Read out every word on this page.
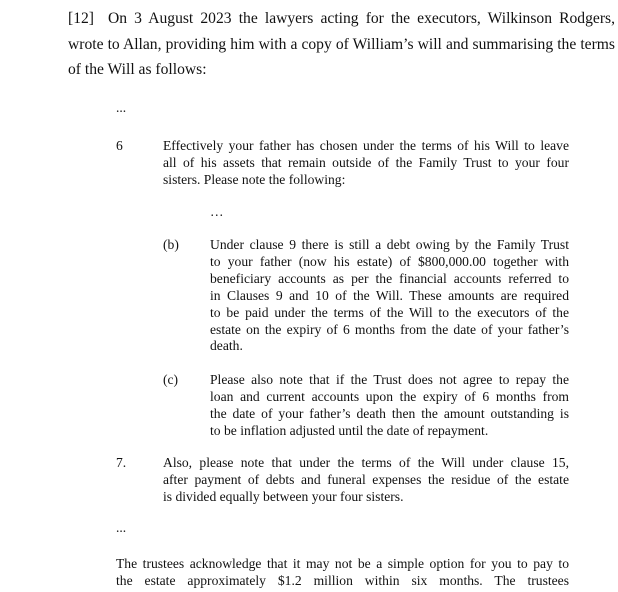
[12] On 3 August 2023 the lawyers acting for the executors, Wilkinson Rodgers,
wrote to Allan, providing him with a copy of William’s will and summarising the terms
of the Will as follows:
...
6	Effectively your father has chosen under the terms of his Will to leave
all of his assets that remain outside of the Family Trust to your four
sisters. Please note the following:
…
(b) Under clause 9 there is still a debt owing by the Family Trust
to your father (now his estate) of $800,000.00 together with
beneficiary accounts as per the financial accounts referred to
in Clauses 9 and 10 of the Will. These amounts are required
to be paid under the terms of the Will to the executors of the
estate on the expiry of 6 months from the date of your father’s
death.
(c) Please also note that if the Trust does not agree to repay the
loan and current accounts upon the expiry of 6 months from
the date of your father’s death then the amount outstanding is
to be inflation adjusted until the date of repayment.
7.	Also, please note that under the terms of the Will under clause 15,
after payment of debts and funeral expenses the residue of the estate
is divided equally between your four sisters.
...
The trustees acknowledge that it may not be a simple option for you to pay to
the estate approximately $1.2 million within six months. The trustees
